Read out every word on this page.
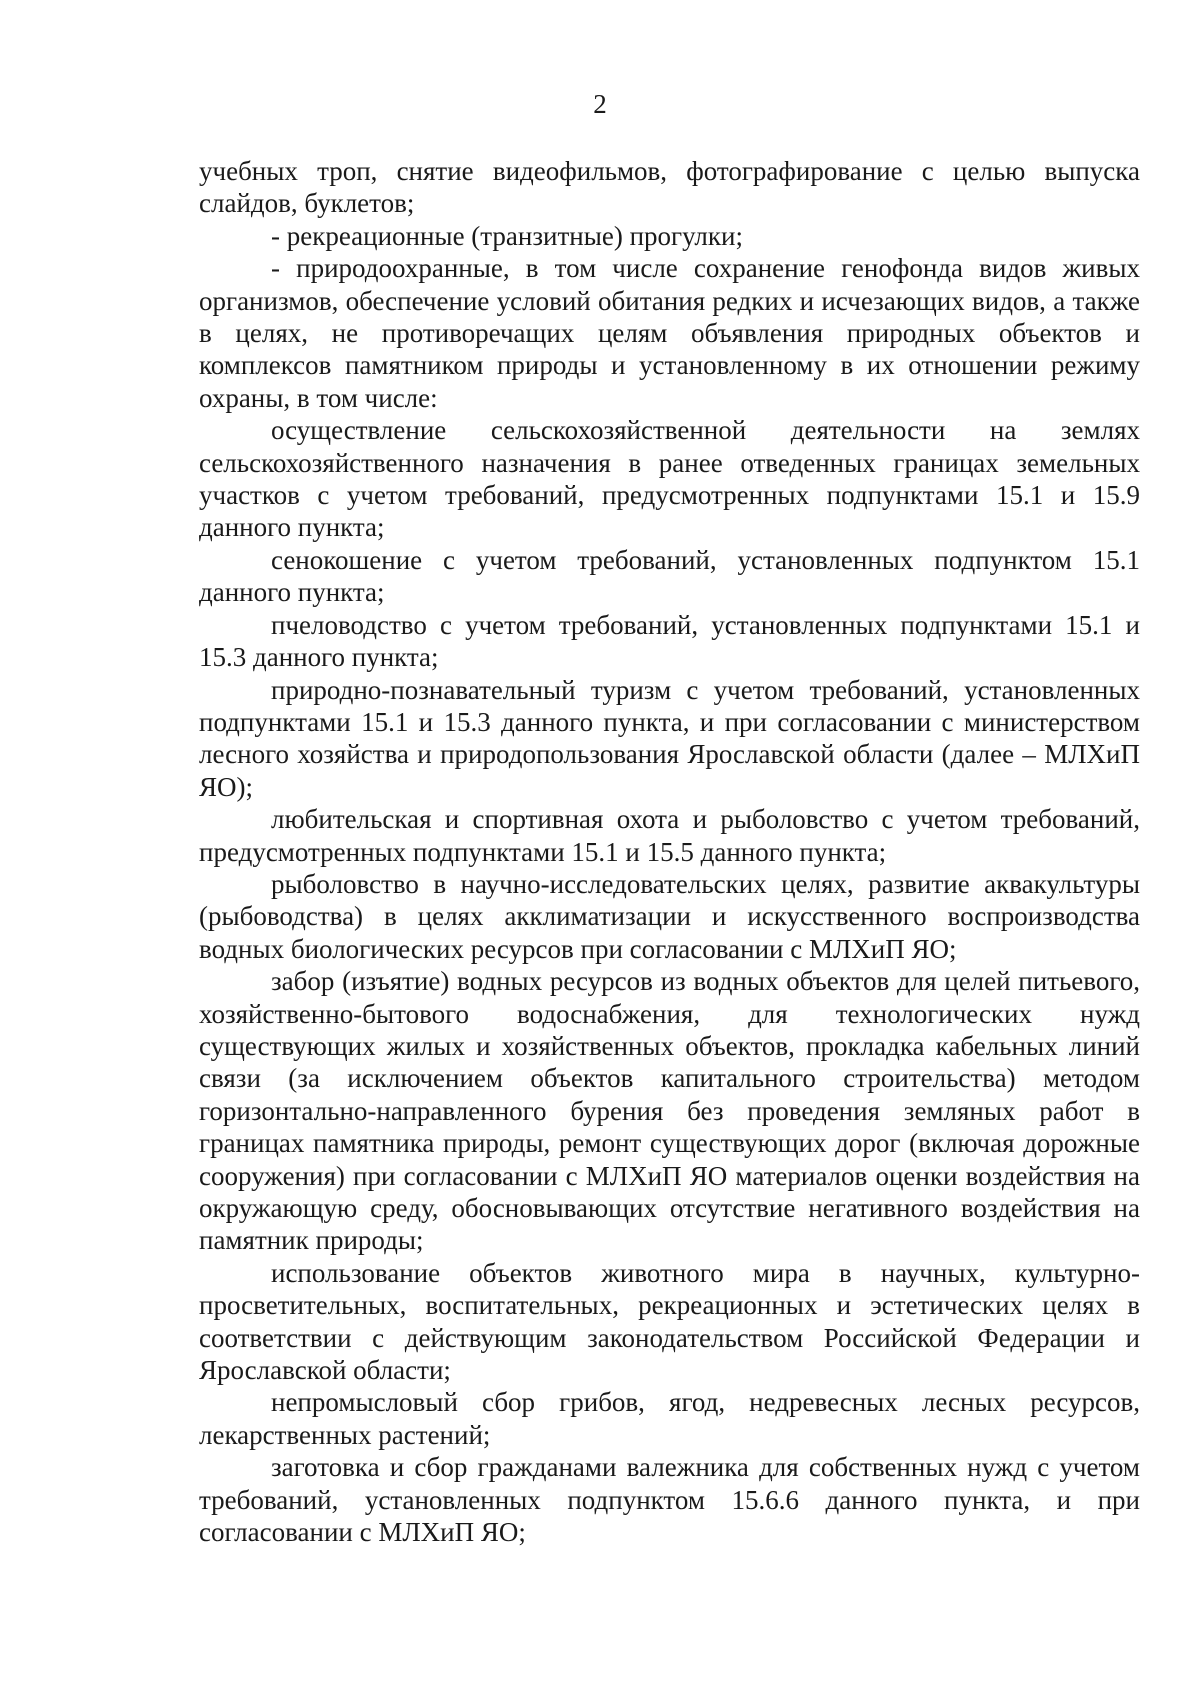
2

учебных троп, снятие видеофильмов, фотографирование с целью выпуска слайдов, буклетов;

- рекреационные (транзитные) прогулки;

- природоохранные, в том числе сохранение генофонда видов живых организмов, обеспечение условий обитания редких и исчезающих видов, а также в целях, не противоречащих целям объявления природных объектов и комплексов памятником природы и установленному в их отношении режиму охраны, в том числе:

осуществление сельскохозяйственной деятельности на землях сельскохозяйственного назначения в ранее отведенных границах земельных участков с учетом требований, предусмотренных подпунктами 15.1 и 15.9 данного пункта;

сенокошение с учетом требований, установленных подпунктом 15.1 данного пункта;

пчеловодство с учетом требований, установленных подпунктами 15.1 и 15.3 данного пункта;

природно-познавательный туризм с учетом требований, установленных подпунктами 15.1 и 15.3 данного пункта, и при согласовании с министерством лесного хозяйства и природопользования Ярославской области (далее – МЛХиП ЯО);

любительская и спортивная охота и рыболовство с учетом требований, предусмотренных подпунктами 15.1 и 15.5 данного пункта;

рыболовство в научно-исследовательских целях, развитие аквакультуры (рыбоводства) в целях акклиматизации и искусственного воспроизводства водных биологических ресурсов при согласовании с МЛХиП ЯО;

забор (изъятие) водных ресурсов из водных объектов для целей питьевого, хозяйственно-бытового водоснабжения, для технологических нужд существующих жилых и хозяйственных объектов, прокладка кабельных линий связи (за исключением объектов капитального строительства) методом горизонтально-направленного бурения без проведения земляных работ в границах памятника природы, ремонт существующих дорог (включая дорожные сооружения) при согласовании с МЛХиП ЯО материалов оценки воздействия на окружающую среду, обосновывающих отсутствие негативного воздействия на памятник природы;

использование объектов животного мира в научных, культурно-просветительных, воспитательных, рекреационных и эстетических целях в соответствии с действующим законодательством Российской Федерации и Ярославской области;

непромысловый сбор грибов, ягод, недревесных лесных ресурсов, лекарственных растений;

заготовка и сбор гражданами валежника для собственных нужд с учетом требований, установленных подпунктом 15.6.6 данного пункта, и при согласовании с МЛХиП ЯО;
